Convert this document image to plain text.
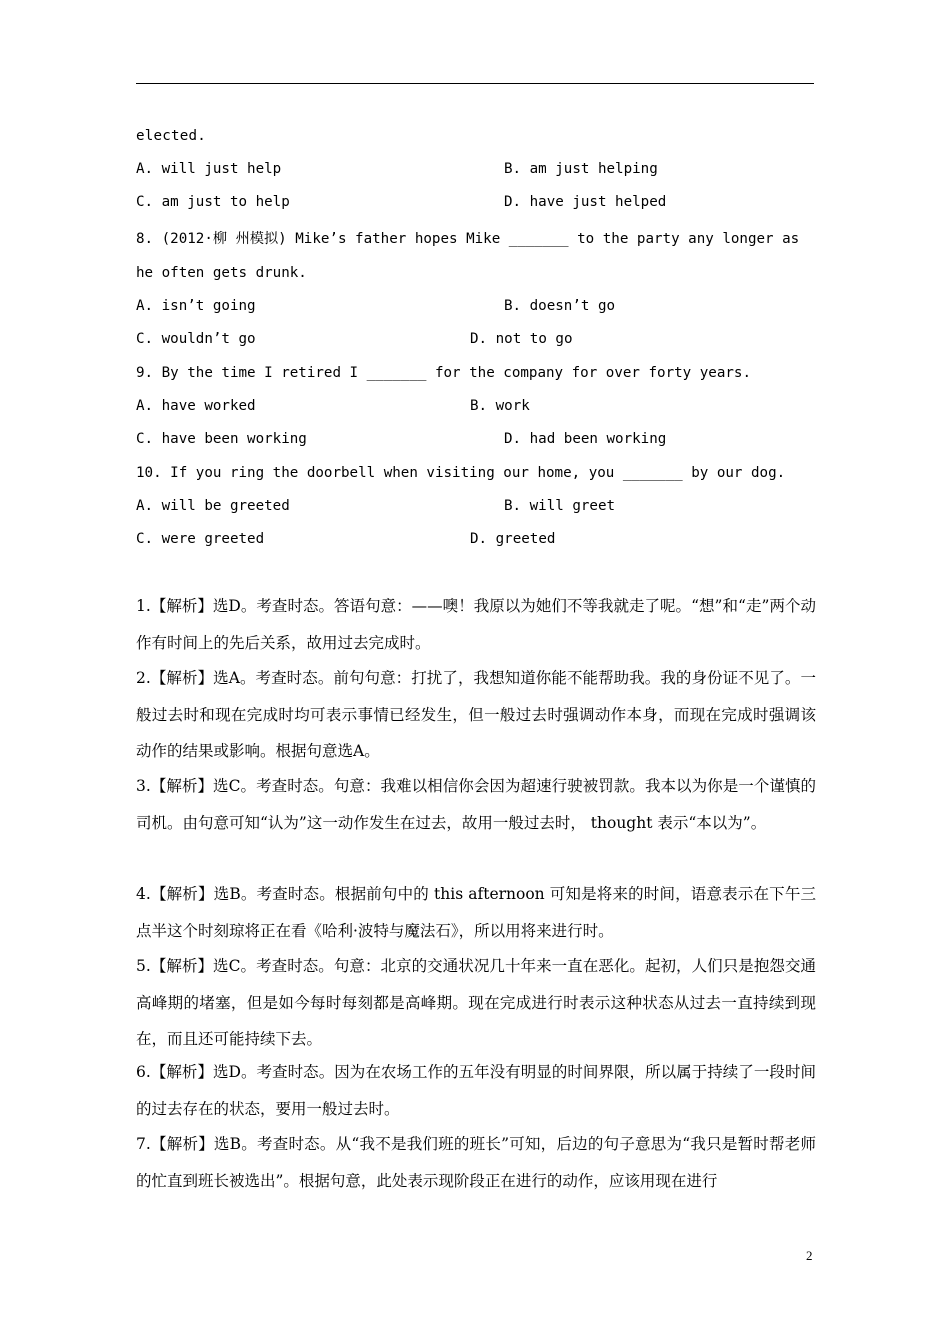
elected.
A. will just help	B. am just helping
C. am just to help	D. have just helped
8. (2012·柳 州模拟) Mike’s father hopes Mike _______ to the party any longer as
he often gets drunk.
A. isn’t going	B. doesn’t go
C. wouldn’t go	D. not to go
9. By the time I retired I _______ for the company for over forty years.
A. have worked	B. work
C. have been working	D. had been working
10. If you ring the doorbell when visiting our home, you _______ by our dog.
A. will be greeted	B. will greet
C. were greeted	D. greeted
1.【解析】选D。考查时态。答语句意：——噢！我原以为她们不等我就走了呢。“想”和“走”两个动作有时间上的先后关系，故用过去完成时。
2.【解析】选A。考查时态。前句句意：打扰了，我想知道你能不能帮助我。我的身份证不见了。一般过去时和现在完成时均可表示事情已经发生，但一般过去时强调动作本身，而现在完成时强调该动作的结果或影响。根据句意选A。
3.【解析】选C。考查时态。句意：我难以相信你会因为超速行驶被罚款。我本以为你是一个谨慎的司机。由句意可知“认为”这一动作发生在过去，故用一般过去时， thought 表示“本以为”。
4.【解析】选B。考查时态。根据前句中的 this afternoon 可知是将来的时间，语意表示在下午三点半这个时刻琼将正在看《哈利·波特与魔法石》，所以用将来进行时。
5.【解析】选C。考查时态。句意：北京的交通状况几十年来一直在恶化。起初，人们只是抱怨交通高峰期的堵塞，但是如今每时每刻都是高峰期。现在完成进行时表示这种状态从过去一直持续到现在，而且还可能持续下去。
6.【解析】选D。考查时态。因为在农场工作的五年没有明显的时间界限，所以属于持续了一段时间的过去存在的状态，要用一般过去时。
7.【解析】选B。考查时态。从“我不是我们班的班长”可知，后边的句子意思为“我只是暂时帮老师的忙直到班长被选出”。根据句意，此处表示现阶段正在进行的动作，应该用现在进行
2
